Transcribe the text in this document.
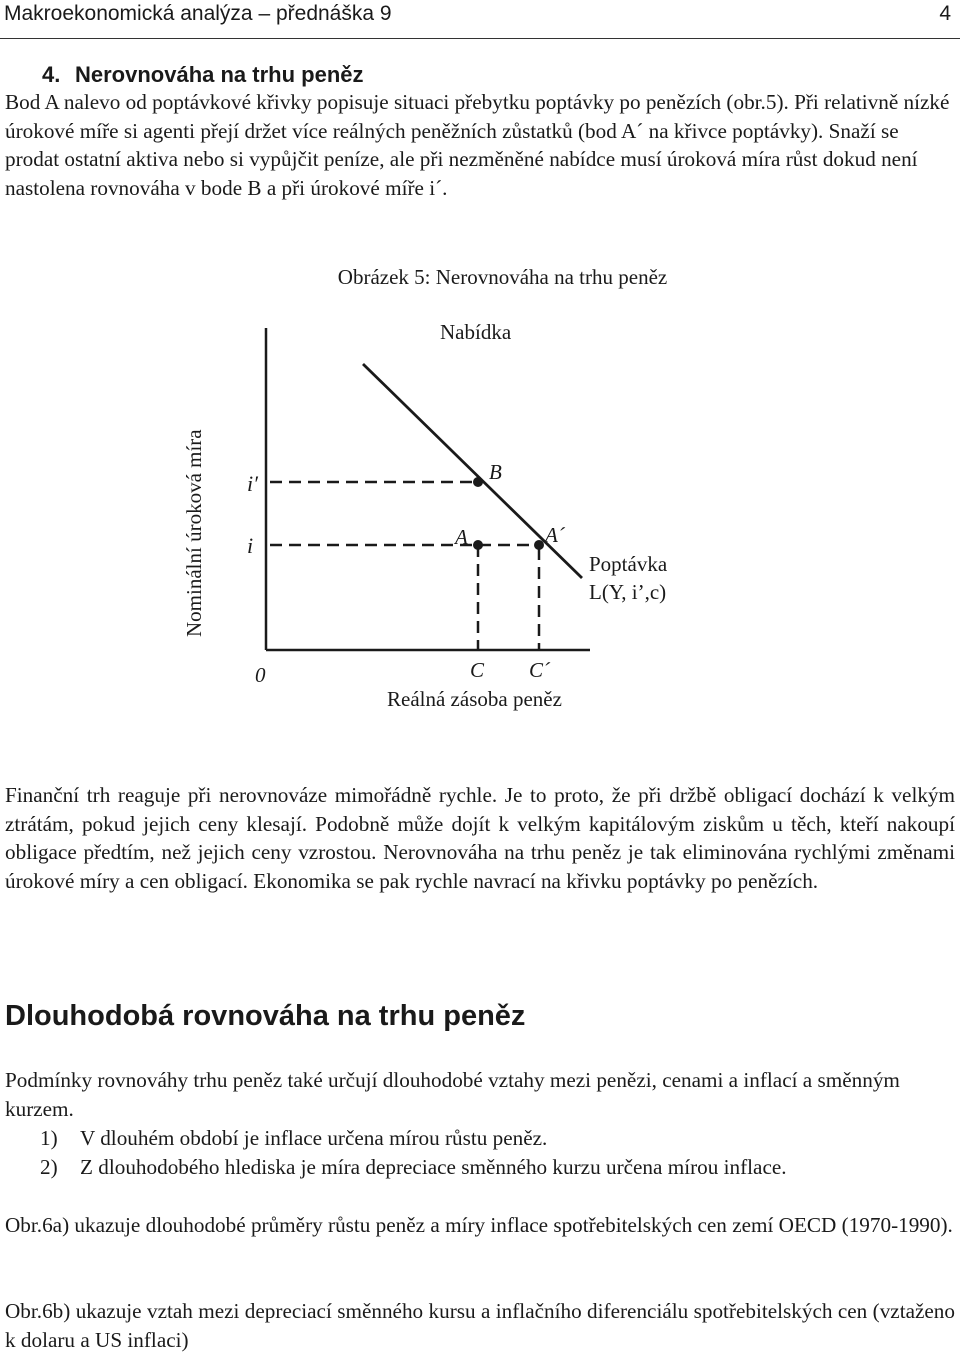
Makroekonomická analýza – přednáška 9	4
4. Nerovnováha na trhu peněz

Bod A nalevo od poptávkové křivky popisuje situaci přebytku poptávky po penězích (obr.5). Při relativně nízké úrokové míře si agenti přejí držet více reálných peněžních zůstatků (bod A´ na křivce poptávky). Snaží se prodat ostatní aktiva nebo si vypůjčit peníze, ale při nezměněné nabídce musí úroková míra růst dokud není nastolena rovnováha v bode B a při úrokové míře i´.

Obrázek 5: Nerovnováha na trhu peněz
Nabídka
Nominální úroková míra
Reálná zásoba peněz
0
i′
i
B
A	A´
C C´
Poptávka
L(Y, i’,c)

Finanční trh reaguje při nerovnováze mimořádně rychle. Je to proto, že při držbě obligací dochází k velkým ztrátám, pokud jejich ceny klesají. Podobně může dojít k velkým kapitálovým ziskům u těch, kteří nakoupí obligace předtím, než jejich ceny vzrostou. Nerovnováha na trhu peněz je tak eliminována rychlými změnami úrokové míry a cen obligací. Ekonomika se pak rychle navrací na křivku poptávky po penězích.

Dlouhodobá rovnováha na trhu peněz

Podmínky rovnováhy trhu peněz také určují dlouhodobé vztahy mezi penězi, cenami a inflací a směnným kurzem.

1) V dlouhém období je inflace určena mírou růstu peněz.
2) Z dlouhodobého hlediska je míra depreciace směnného kurzu určena mírou inflace.

Obr.6a) ukazuje dlouhodobé průměry růstu peněz a míry inflace spotřebitelských cen zemí OECD (1970-1990).

Obr.6b) ukazuje vztah mezi depreciací směnného kursu a inflačního diferenciálu spotřebitelských cen (vztaženo k dolaru a US inflaci)
